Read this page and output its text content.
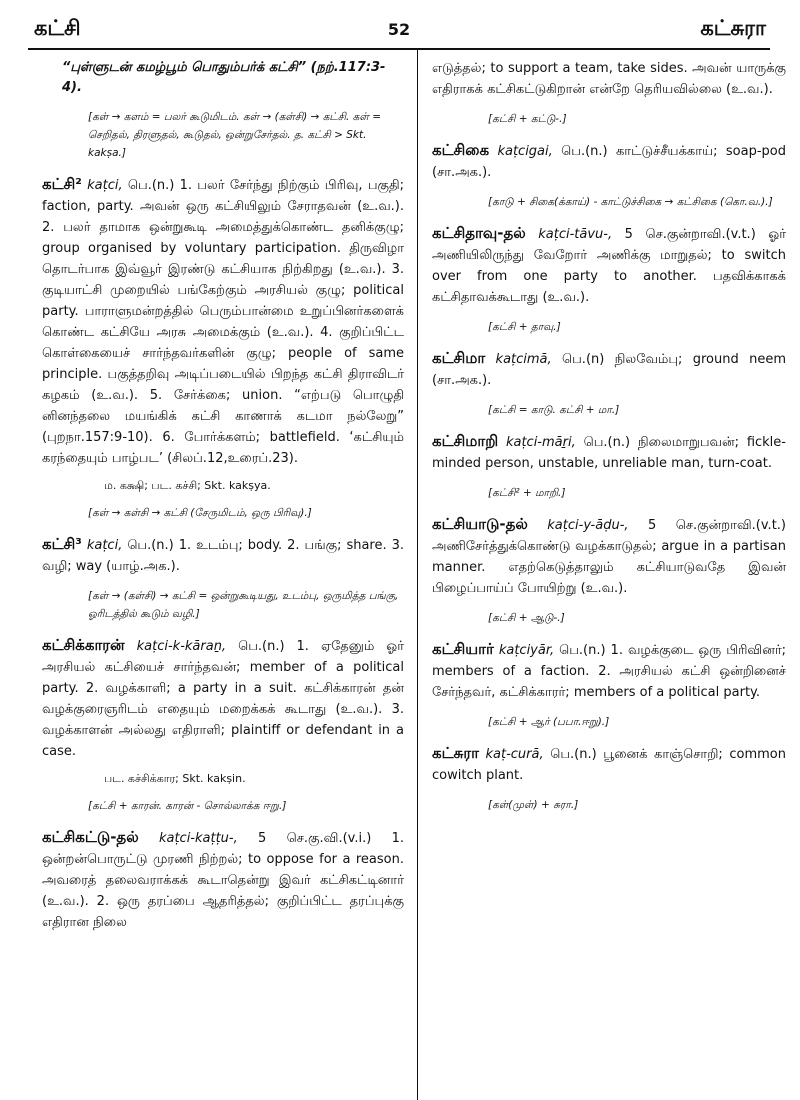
கட்சி	52	கட்சுரா
“புள்ளுடன் கமழ்பூம் பொதும்பர்க் கட்சி” (நற்.117:3-4).
[கள் → களம் = பலர் கூடுமிடம். கள் → (கள்சி) → கட்சி. கள் = செறிதல், திரளுதல், கூடுதல், ஒன்றுசேர்தல். த. கட்சி > Skt. kakṣa.]
கட்சி² kaṭci, பெ.(n.) 1. பலர் சேர்ந்து நிற்கும் பிரிவு, பகுதி; faction, party. அவன் ஒரு கட்சியிலும் சேராதவன் (உ.வ.). 2. பலர் தாமாக ஒன்றுகூடி அமைத்துக்கொண்ட தனிக்குழு; group organised by voluntary participation. திருவிழா தொடர்பாக இவ்வூர் இரண்டு கட்சியாக நிற்கிறது (உ.வ.). 3. குடியாட்சி முறையில் பங்கேற்கும் அரசியல் குழு; political party. பாராளுமன்றத்தில் பெரும்பான்மை உறுப்பினர்களைக் கொண்ட கட்சியே அரசு அமைக்கும் (உ.வ.). 4. குறிப்பிட்ட கொள்கையைச் சார்ந்தவர்களின் குழு; people of same principle. பகுத்தறிவு அடிப்படையில் பிறந்த கட்சி திராவிடர் கழகம் (உ.வ.). 5. சேர்க்கை; union. “எற்படு பொழுதி னினந்தலை மயங்கிக் கட்சி காணாக் கடமா நல்லேறு” (புறநா.157:9-10). 6. போர்க்களம்; battlefield. ‘கட்சியும் கரந்தையும் பாழ்பட’ (சிலப்.12,உரைப்.23).
ம. கக்ஷி; பட. கச்சி; Skt. kakṣya.
[கள் → கள்சி → கட்சி (சேருமிடம், ஒரு பிரிவு).]
கட்சி³ kaṭci, பெ.(n.) 1. உடம்பு; body. 2. பங்கு; share. 3. வழி; way (யாழ்.அக.).
[கள் → (கள்சி) → கட்சி = ஒன்றுகூடியது, உடம்பு, ஒருமித்த பங்கு, ஓரிடத்தில் கூடும் வழி.]
கட்சிக்காரன் kaṭci-k-kāraṉ, பெ.(n.) 1. ஏதேனும் ஓர் அரசியல் கட்சியைச் சார்ந்தவன்; member of a political party. 2. வழக்காளி; a party in a suit. கட்சிக்காரன் தன் வழக்குரைஞரிடம் எதையும் மறைக்கக் கூடாது (உ.வ.). 3. வழக்காளன் அல்லது எதிராளி; plaintiff or defendant in a case.
பட. கச்சிக்கார; Skt. kakṣin.
[கட்சி + காரன். காரன் - சொல்லாக்க ஈறு.]
கட்சிகட்டு-தல் kaṭci-kaṭṭu-, 5 செ.கு.வி.(v.i.) 1. ஒன்றன்பொருட்டு முரணி நிற்றல்; to oppose for a reason. அவரைத் தலைவராக்கக் கூடாதென்று இவர் கட்சிகட்டினார் (உ.வ.). 2. ஒரு தரப்பை ஆதரித்தல்; குறிப்பிட்ட தரப்புக்கு எதிரான நிலை
எடுத்தல்; to support a team, take sides. அவன் யாருக்கு எதிராகக் கட்சிகட்டுகிறான் என்றே தெரியவில்லை (உ.வ.).
[கட்சி + கட்டு-.]
கட்சிகை kaṭcigai, பெ.(n.) காட்டுச்சீயக்காய்; soap-pod (சா.அக.).
[காடு + சிகை(க்காய்) - காட்டுச்சிகை → கட்சிகை (கொ.வ.).]
கட்சிதாவு-தல் kaṭci-tāvu-, 5 செ.குன்றாவி.(v.t.) ஓர் அணியிலிருந்து வேறோர் அணிக்கு மாறுதல்; to switch over from one party to another. பதவிக்காகக் கட்சிதாவக்கூடாது (உ.வ.).
[கட்சி + தாவு.]
கட்சிமா kaṭcimā, பெ.(n) நிலவேம்பு; ground neem (சா.அக.).
[கட்சி = காடு. கட்சி + மா.]
கட்சிமாறி kaṭci-māṟi, பெ.(n.) நிலைமாறுபவன்; fickle-minded person, unstable, unreliable man, turn-coat.
[கட்சி² + மாறி.]
கட்சியாடு-தல் kaṭci-y-āḍu-, 5 செ.குன்றாவி.(v.t.) அணிசேர்த்துக்கொண்டு வழக்காடுதல்; argue in a partisan manner. எதற்கெடுத்தாலும் கட்சியாடுவதே இவன் பிழைப்பாய்ப் போயிற்று (உ.வ.).
[கட்சி + ஆடு-.]
கட்சியார் kaṭciyār, பெ.(n.) 1. வழக்குடை ஒரு பிரிவினர்; members of a faction. 2. அரசியல் கட்சி ஒன்றினைச் சேர்ந்தவர், கட்சிக்காரர்; members of a political party.
[கட்சி + ஆர் (பபா.ஈறு).]
கட்சுரா kaṭ-curā, பெ.(n.) பூனைக் காஞ்சொறி; common cowitch plant.
[கள்(முள்) + சுரா.]
